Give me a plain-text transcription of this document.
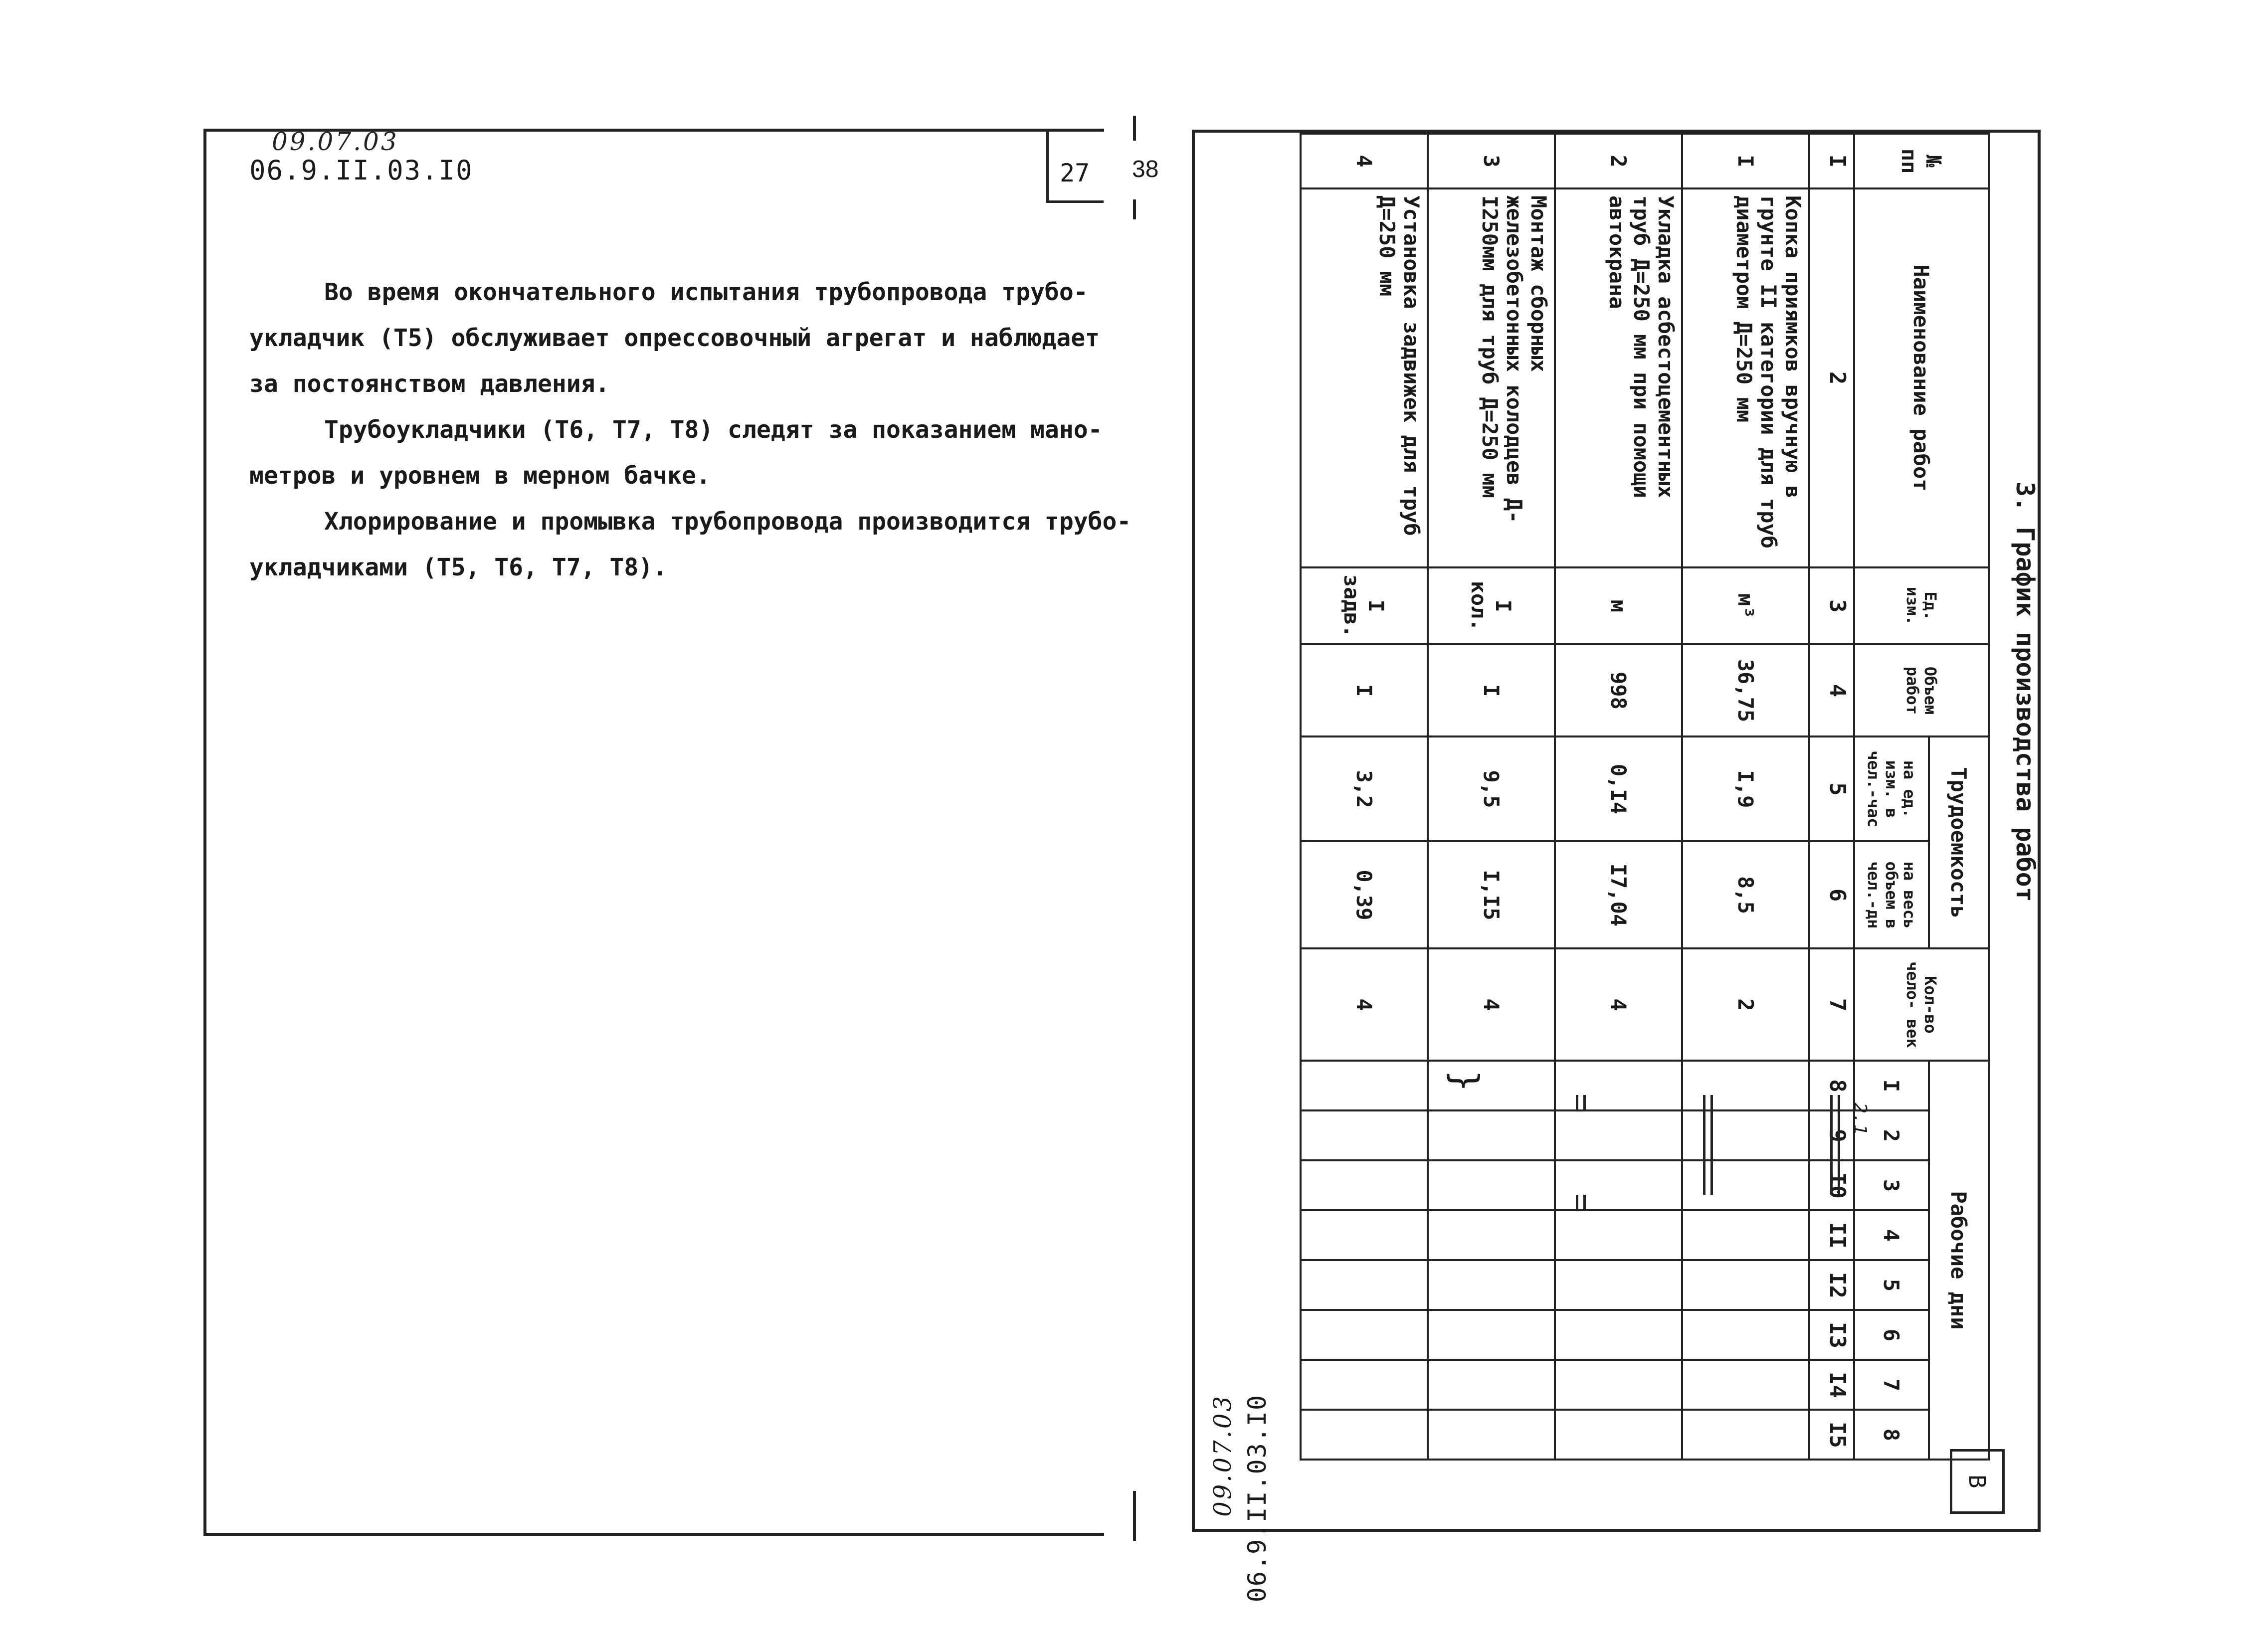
09.07.03
06.9.II.03.I0	27 38

Во время окончательного испытания трубопровода трубо-

укладчик (T5) обслуживает опрессовочный агрегат и наблюдает

за постоянством давления.

Трубоукладчики (T6, T7, T8) следят за показанием мано-

метров и уровнем в мерном бачке.

Хлорирование и промывка трубопровода производится трубо-

укладчиками (T5, T6, T7, T8).	3. График производства работ
№ пп	Наименование работ	Ед. изм.	Объем работ	Трудоемкость		Кол-во чело- век	Рабочие дни							
				на ед. изм. в чел.-час	на весь объем в чел.-дн		I	2	3	4	5	6	7	8
I	2	3	4	5	6	7	8	9	I0	II	I2	I3	I4	I5
I	Копка приямков вручную в грунте II категории для труб диаметром Д=250 мм	м³	36,75	I,9	8,5	2								
2	Укладка асбестоцементных труб Д=250 мм при помощи автокрана	м	998	0,I4	I7,04	4								
3	Монтаж сборных железобетонных колодцев Д-I250мм для труб Д=250 мм	I кол.	I	9,5	I,I5	4								
4	Установка задвижек для труб Д=250 мм	I задв.	I	3,2	0,39	4								
2.1
}
06.9.II.03.I0
09.07.03	В
